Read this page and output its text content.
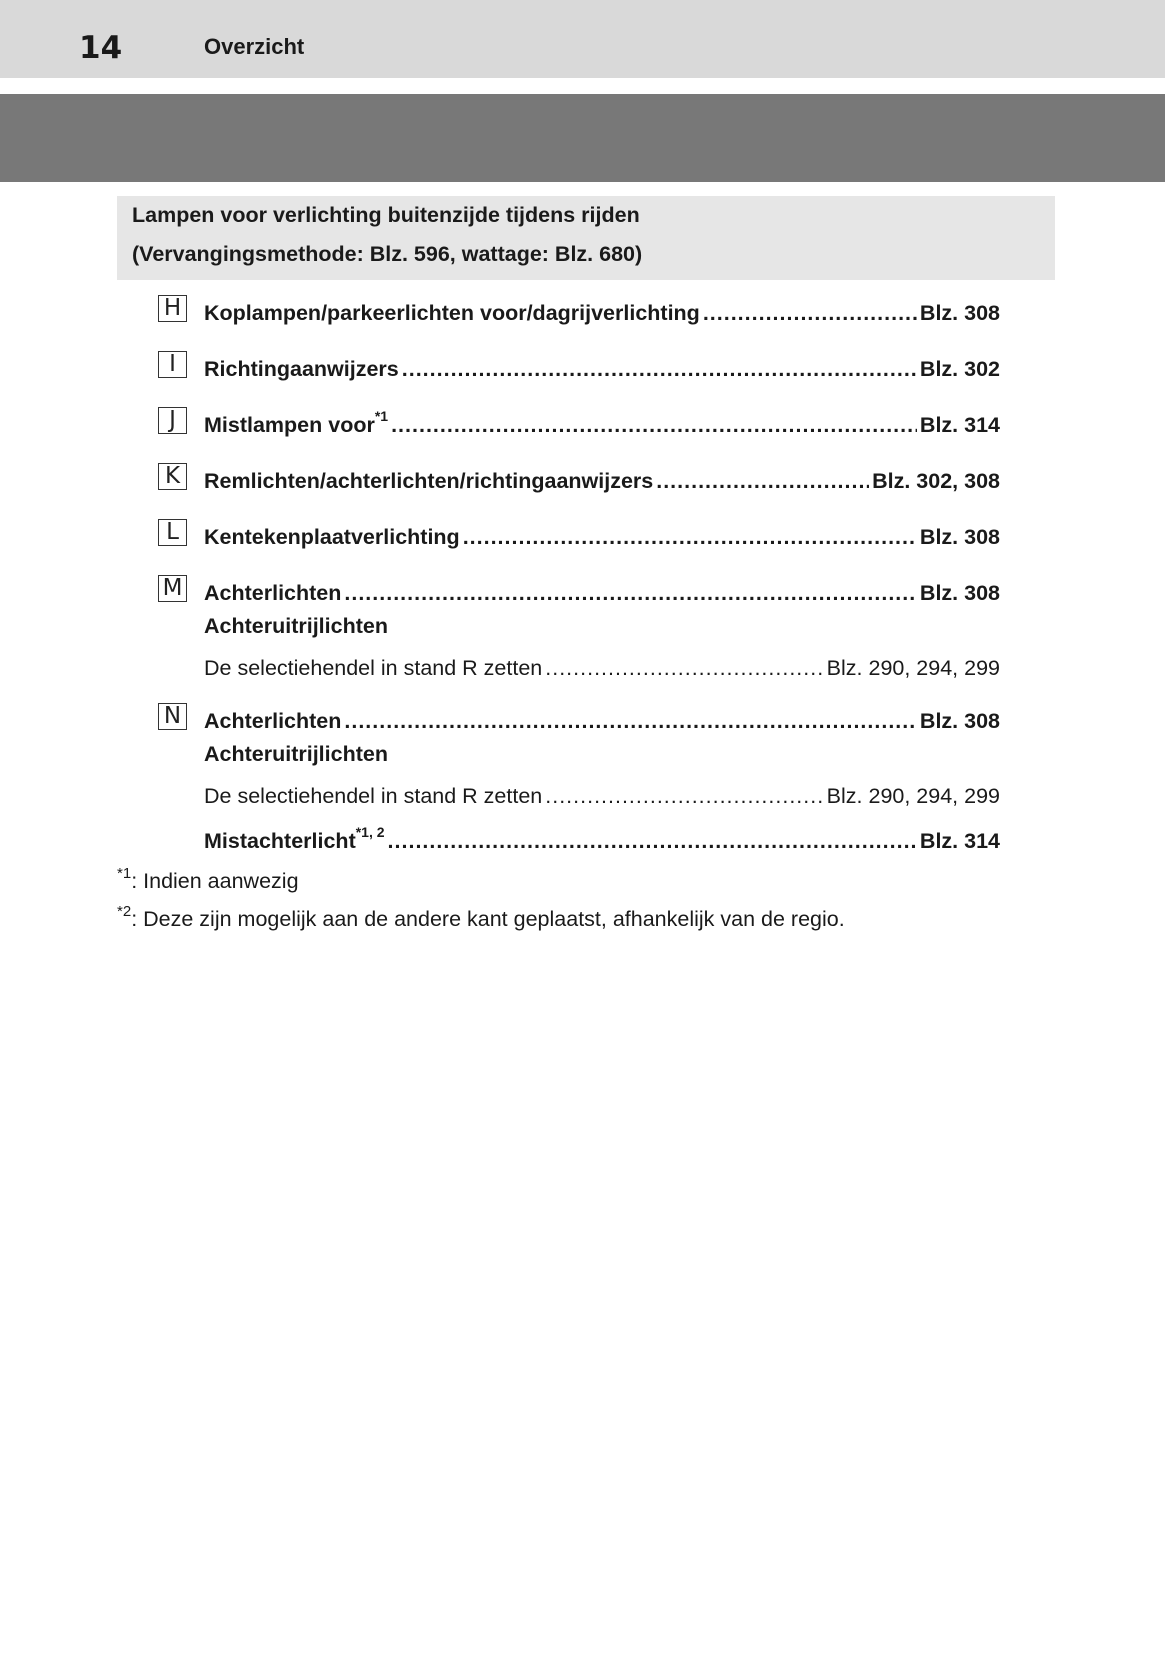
14	Overzicht
Lampen voor verlichting buitenzijde tijdens rijden
(Vervangingsmethode: Blz. 596, wattage: Blz. 680)
H Koplampen/parkeerlichten voor/dagrijverlichting .....	Blz. 308
I	Richtingaanwijzers .....	Blz. 302
J	Mistlampen voor$^{*1}$ .....	Blz. 314
K	Remlichten/achterlichten/richtingaanwijzers .....	Blz. 302, 308
L	Kentekenplaatverlichting .....	Blz. 308
M Achterlichten .....	Blz. 308
Achteruitrijlichten
De selectiehendel in stand R zetten .....	Blz. 290, 294, 299
N Achterlichten .....	Blz. 308
Achteruitrijlichten
De selectiehendel in stand R zetten .....	Blz. 290, 294, 299
Mistachterlicht$^{*1, 2}$ .....	Blz. 314
$^{*1}$: Indien aanwezig
$^{*2}$: Deze zijn mogelijk aan de andere kant geplaatst, afhankelijk van de regio.
